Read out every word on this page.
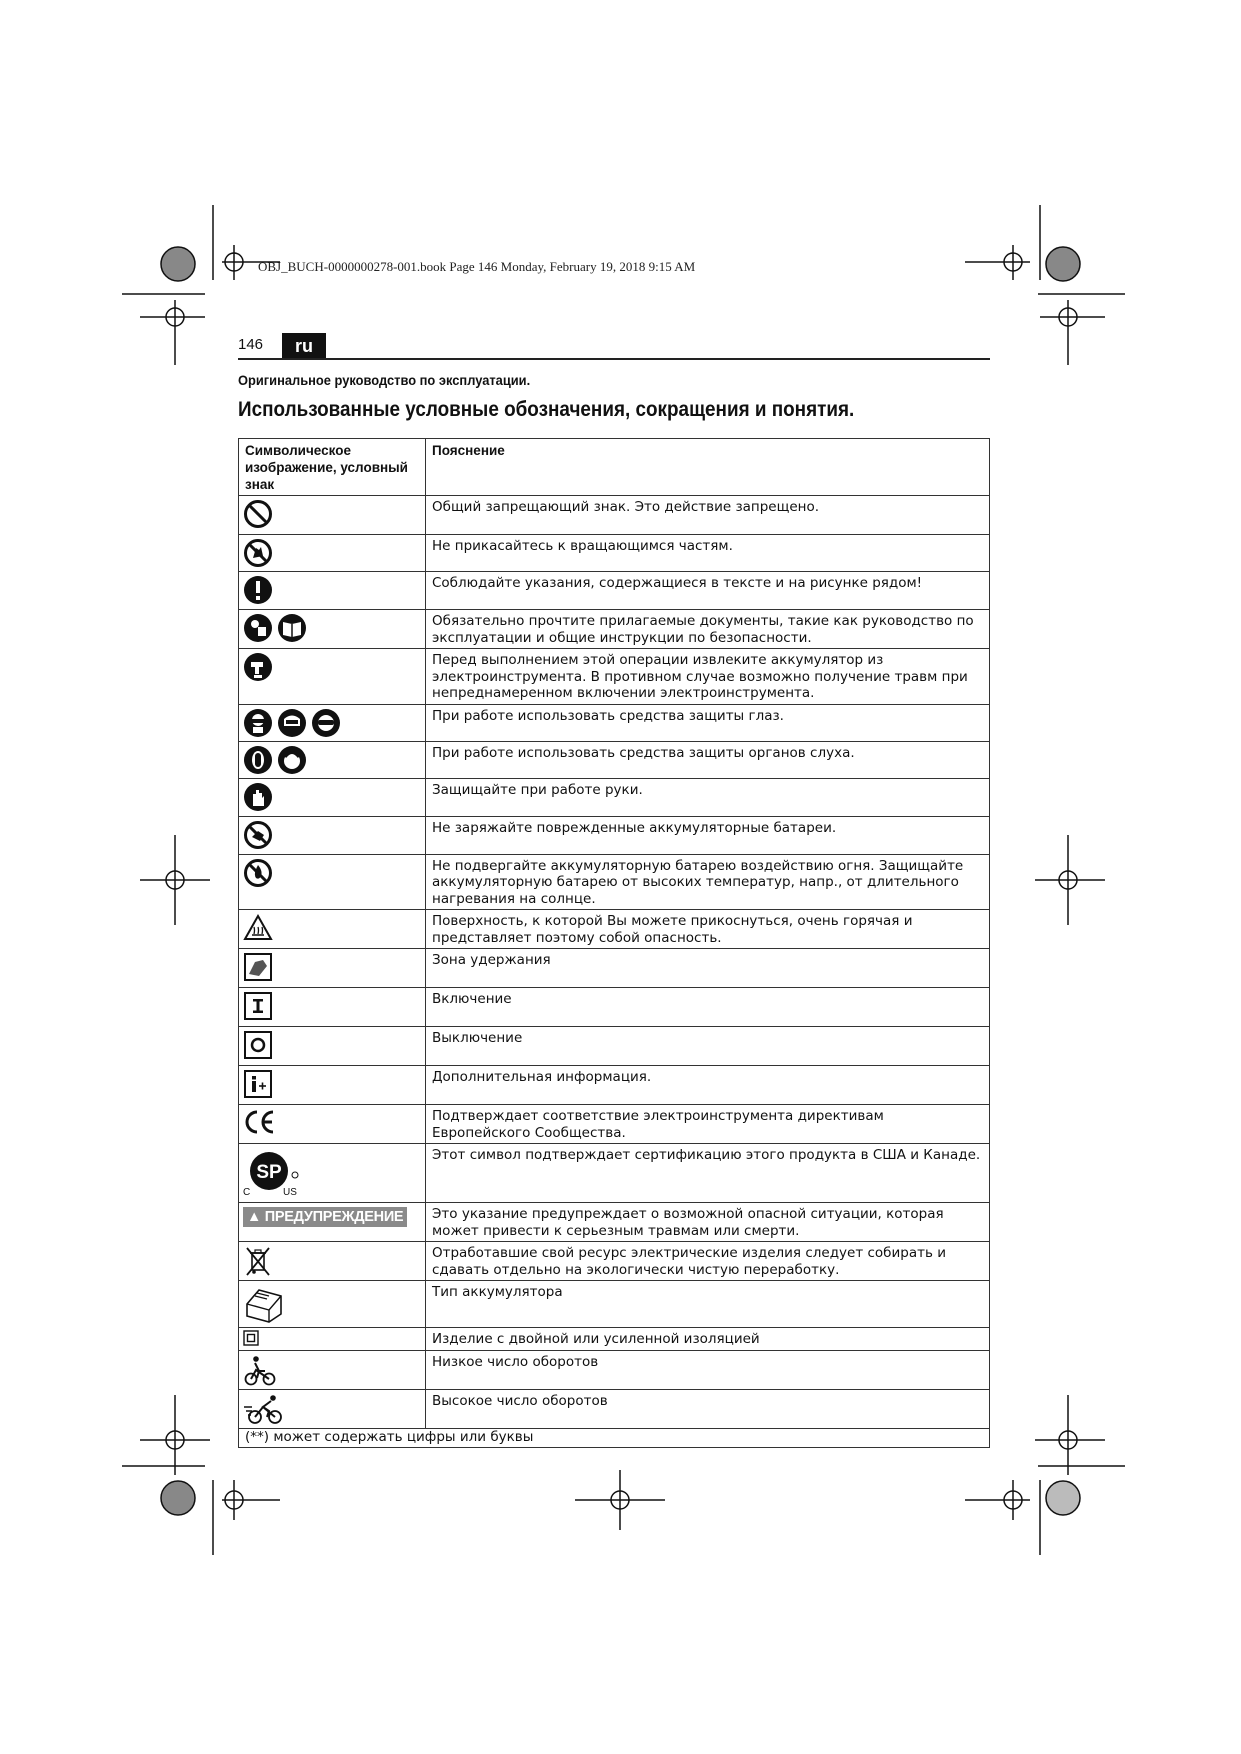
OBJ_BUCH-0000000278-001.book Page 146 Monday, February 19, 2018 9:15 AM
146	ru
Оригинальное руководство по эксплуатации.
Использованные условные обозначения, сокращения и понятия.
Символическое изображение, условный знак	Пояснение

	Общий запрещающий знак. Это действие запрещено.

	Не прикасайтесь к вращающимся частям.

	Соблюдайте указания, содержащиеся в тексте и на рисунке рядом!

	Обязательно прочтите прилагаемые документы, такие как руководство по эксплуатации и общие инструкции по безопасности.

	Перед выполнением этой операции извлеките аккумулятор из электроинструмента. В противном случае возможно получение травм при непреднамеренном включении электроинструмента.

	При работе использовать средства защиты глаз.

	При работе использовать средства защиты органов слуха.

	Защищайте при работе руки.

	Не заряжайте поврежденные аккумуляторные батареи.

	Не подвергайте аккумуляторную батарею воздействию огня. Защищайте аккумуляторную батарею от высоких температур, напр., от длительного нагревания на солнце.

	Поверхность, к которой Вы можете прикоснуться, очень горячая и представляет поэтому собой опасность.

	Зона удержания

	Включение

	Выключение

	Дополнительная информация.

	Подтверждает соответствие электроинструмента директивам Европейского Сообщества.

SP
C US	Этот символ подтверждает сертификацию этого продукта в США и Канаде.
▲ ПРЕДУПРЕЖДЕНИЕ	Это указание предупреждает о возможной опасной ситуации, которая может привести к серьезным травмам или смерти.

	Отработавшие свой ресурс электрические изделия следует собирать и сдавать отдельно на экологически чистую переработку.

	Тип аккумулятора

	Изделие с двойной или усиленной изоляцией

	Низкое число оборотов

	Высокое число оборотов
(**) может содержать цифры или буквы	
